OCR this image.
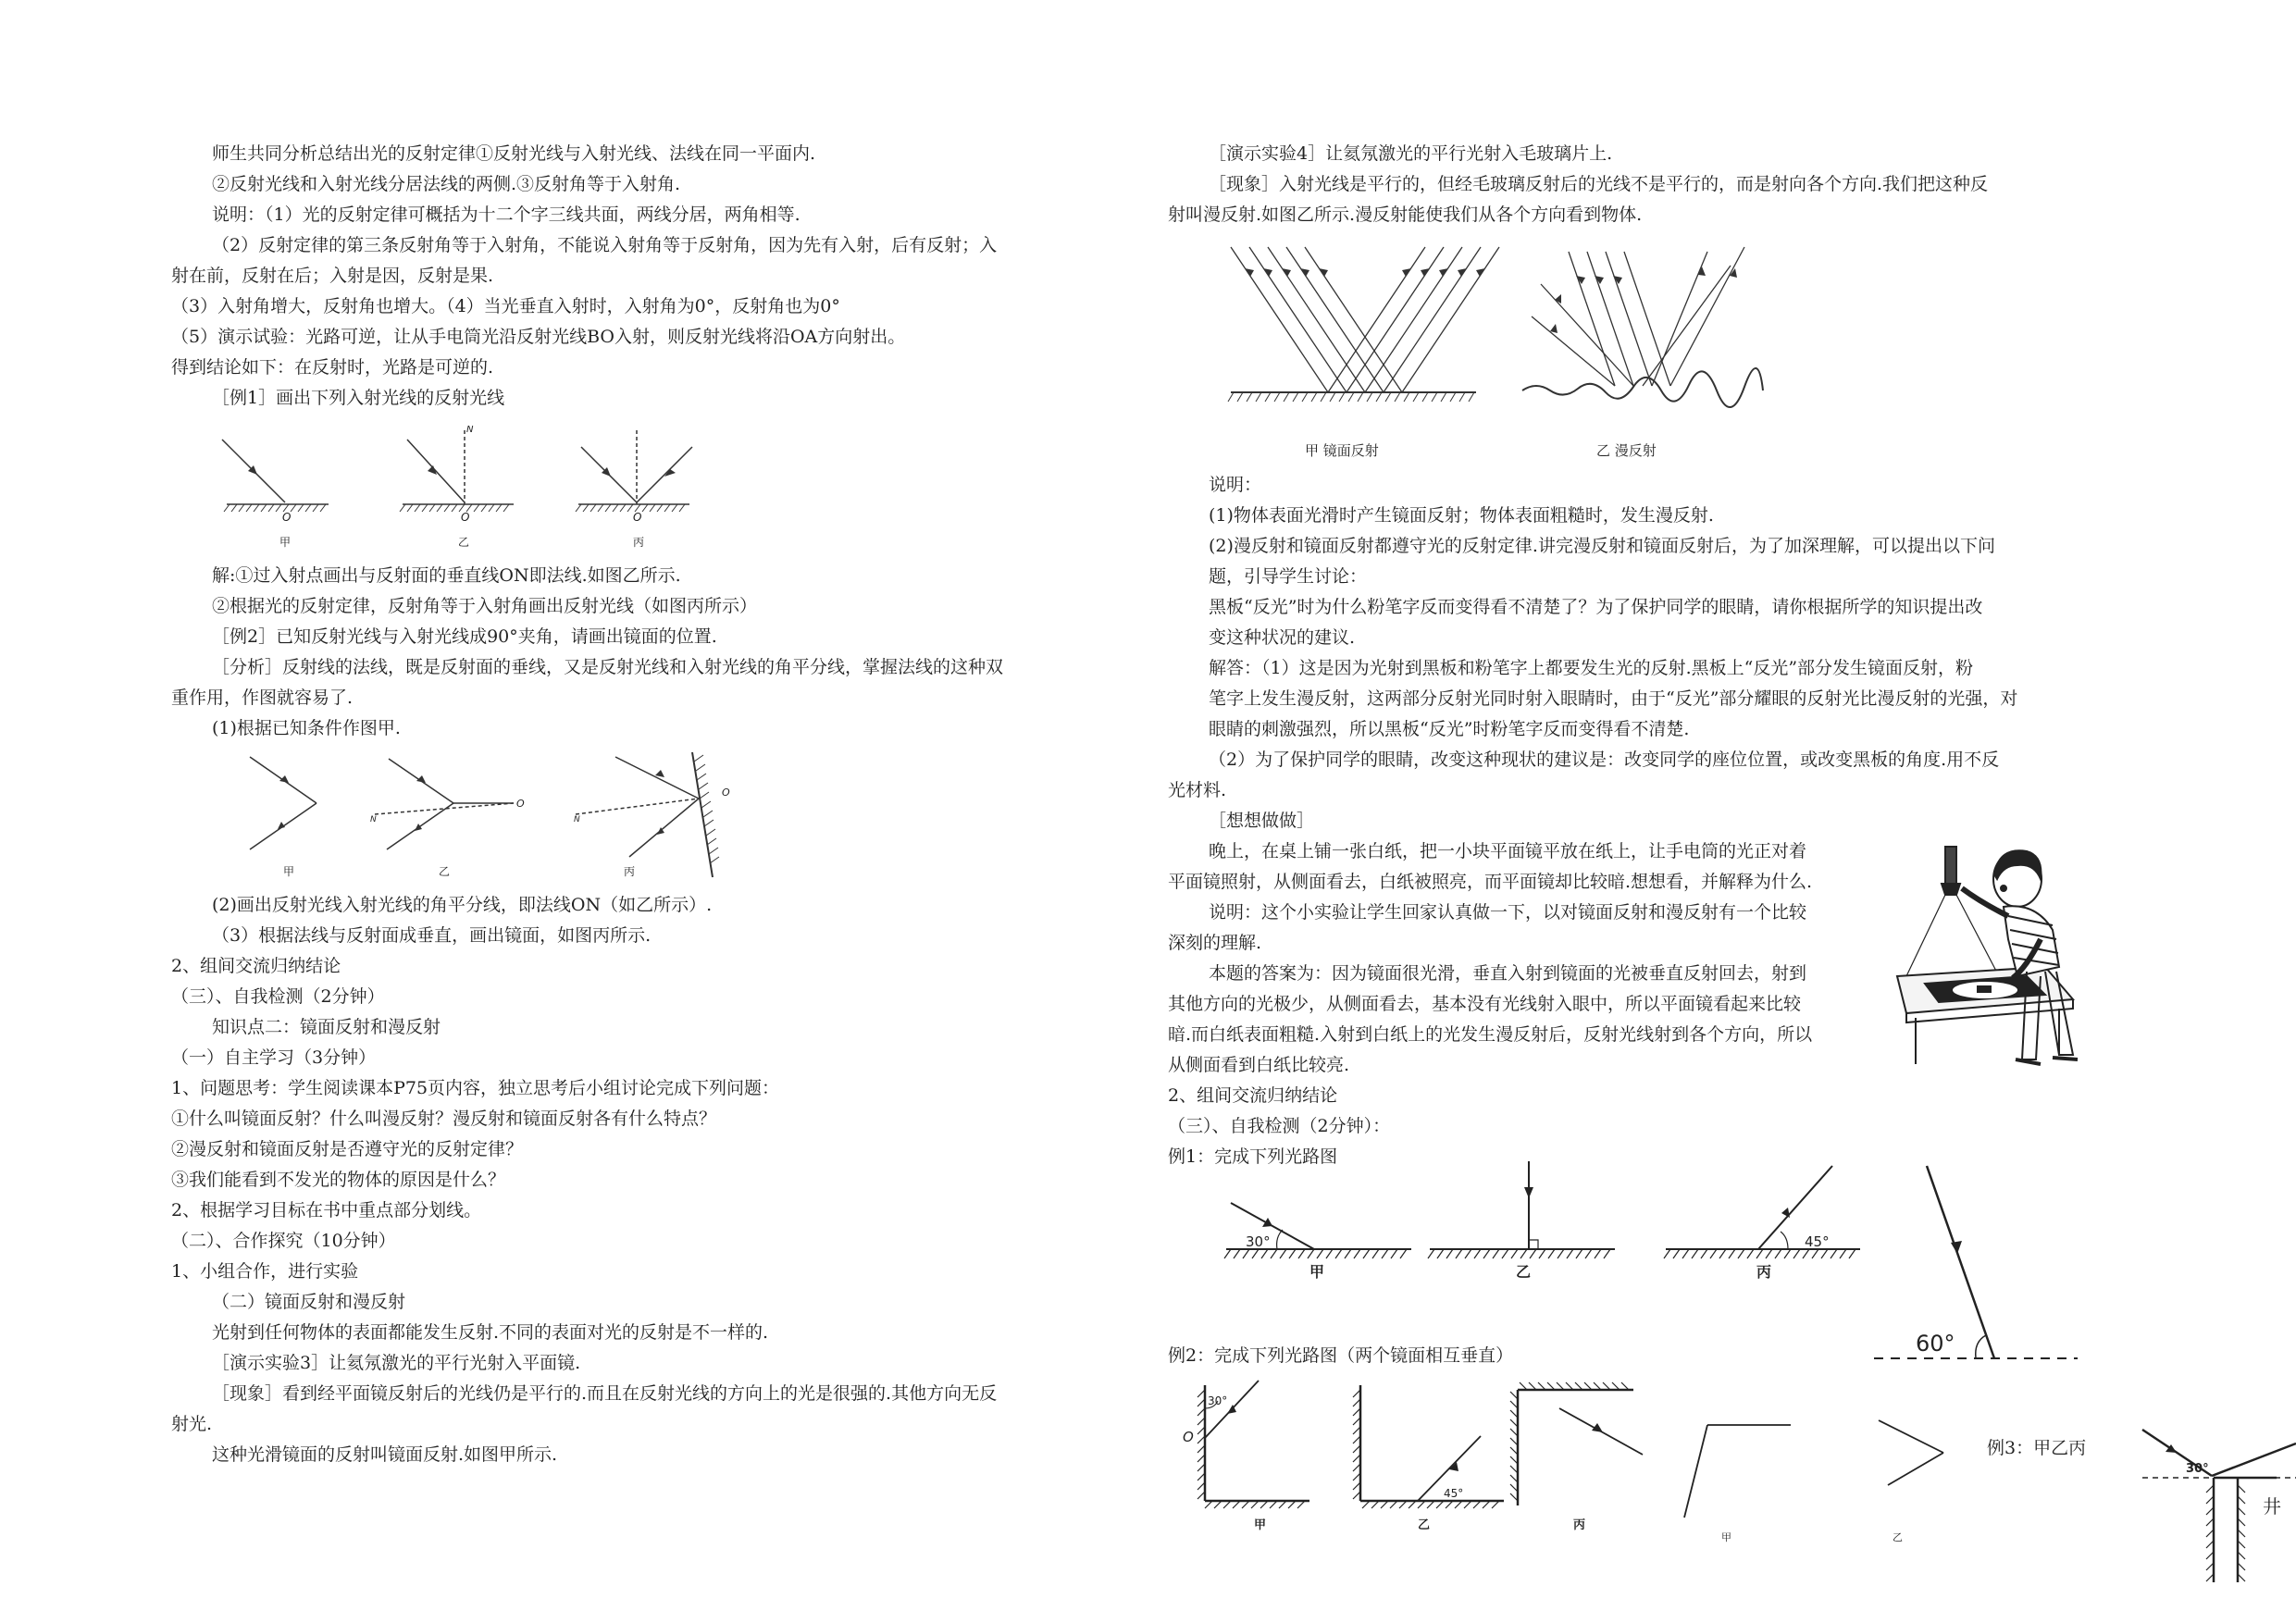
师生共同分析总结出光的反射定律①反射光线与入射光线、法线在同一平面内.
②反射光线和入射光线分居法线的两侧.③反射角等于入射角.
说明：（1）光的反射定律可概括为十二个字三线共面，两线分居，两角相等.
（2）反射定律的第三条反射角等于入射角，不能说入射角等于反射角，因为先有入射，后有反射；入
射在前，反射在后；入射是因，反射是果.
（3）入射角增大，反射角也增大。（4）当光垂直入射时，入射角为0°，反射角也为0°
（5）演示试验：光路可逆，让从手电筒光沿反射光线BO入射，则反射光线将沿OA方向射出。
得到结论如下：在反射时，光路是可逆的.
［例1］画出下列入射光线的反射光线
O	O	O
N
甲	乙	丙
解:①过入射点画出与反射面的垂直线ON即法线.如图乙所示.
②根据光的反射定律，反射角等于入射角画出反射光线（如图丙所示）
［例2］已知反射光线与入射光线成90°夹角，请画出镜面的位置.
［分析］反射线的法线，既是反射面的垂线，又是反射光线和入射光线的角平分线，掌握法线的这种双
重作用，作图就容易了.
(1)根据已知条件作图甲.
O
N
O
N
甲	乙	丙
(2)画出反射光线入射光线的角平分线，即法线ON（如乙所示）.
（3）根据法线与反射面成垂直，画出镜面，如图丙所示.
2、组间交流归纳结论
（三）、自我检测（2分钟）
知识点二：镜面反射和漫反射
（一）自主学习（3分钟）
1、问题思考：学生阅读课本P75页内容，独立思考后小组讨论完成下列问题：
①什么叫镜面反射？什么叫漫反射？漫反射和镜面反射各有什么特点？
②漫反射和镜面反射是否遵守光的反射定律？
③我们能看到不发光的物体的原因是什么？
2、根据学习目标在书中重点部分划线。
（二）、合作探究（10分钟）
1、小组合作，进行实验
（二）镜面反射和漫反射
光射到任何物体的表面都能发生反射.不同的表面对光的反射是不一样的.
［演示实验3］让氦氖激光的平行光射入平面镜.
［现象］看到经平面镜反射后的光线仍是平行的.而且在反射光线的方向上的光是很强的.其他方向无反
射光.
这种光滑镜面的反射叫镜面反射.如图甲所示.
［演示实验4］让氦氖激光的平行光射入毛玻璃片上.
［现象］入射光线是平行的，但经毛玻璃反射后的光线不是平行的，而是射向各个方向.我们把这种反
射叫漫反射.如图乙所示.漫反射能使我们从各个方向看到物体.
甲 镜面反射	乙 漫反射
说明：
(1)物体表面光滑时产生镜面反射；物体表面粗糙时，发生漫反射.
(2)漫反射和镜面反射都遵守光的反射定律.讲完漫反射和镜面反射后，为了加深理解，可以提出以下问
题，引导学生讨论：
黑板“反光”时为什么粉笔字反而变得看不清楚了？为了保护同学的眼睛，请你根据所学的知识提出改
变这种状况的建议.
解答：（1）这是因为光射到黑板和粉笔字上都要发生光的反射.黑板上“反光”部分发生镜面反射，粉
笔字上发生漫反射，这两部分反射光同时射入眼睛时，由于“反光”部分耀眼的反射光比漫反射的光强，对
眼睛的刺激强烈，所以黑板“反光”时粉笔字反而变得看不清楚.
（2）为了保护同学的眼睛，改变这种现状的建议是：改变同学的座位位置，或改变黑板的角度.用不反
光材料.
［想想做做］
晚上，在桌上铺一张白纸，把一小块平面镜平放在纸上，让手电筒的光正对着
平面镜照射，从侧面看去，白纸被照亮，而平面镜却比较暗.想想看，并解释为什么.
说明：这个小实验让学生回家认真做一下，以对镜面反射和漫反射有一个比较
深刻的理解.
本题的答案为：因为镜面很光滑，垂直入射到镜面的光被垂直反射回去，射到
其他方向的光极少，从侧面看去，基本没有光线射入眼中，所以平面镜看起来比较
暗.而白纸表面粗糙.入射到白纸上的光发生漫反射后，反射光线射到各个方向，所以
从侧面看到白纸比较亮.
2、组间交流归纳结论
（三）、自我检测（2分钟）：
例1：完成下列光路图
30°	45°
甲	乙	丙
60°
例2：完成下列光路图（两个镜面相互垂直）
30°
45°
O
甲	乙	丙
甲	乙
例3：甲乙丙
30°
井
